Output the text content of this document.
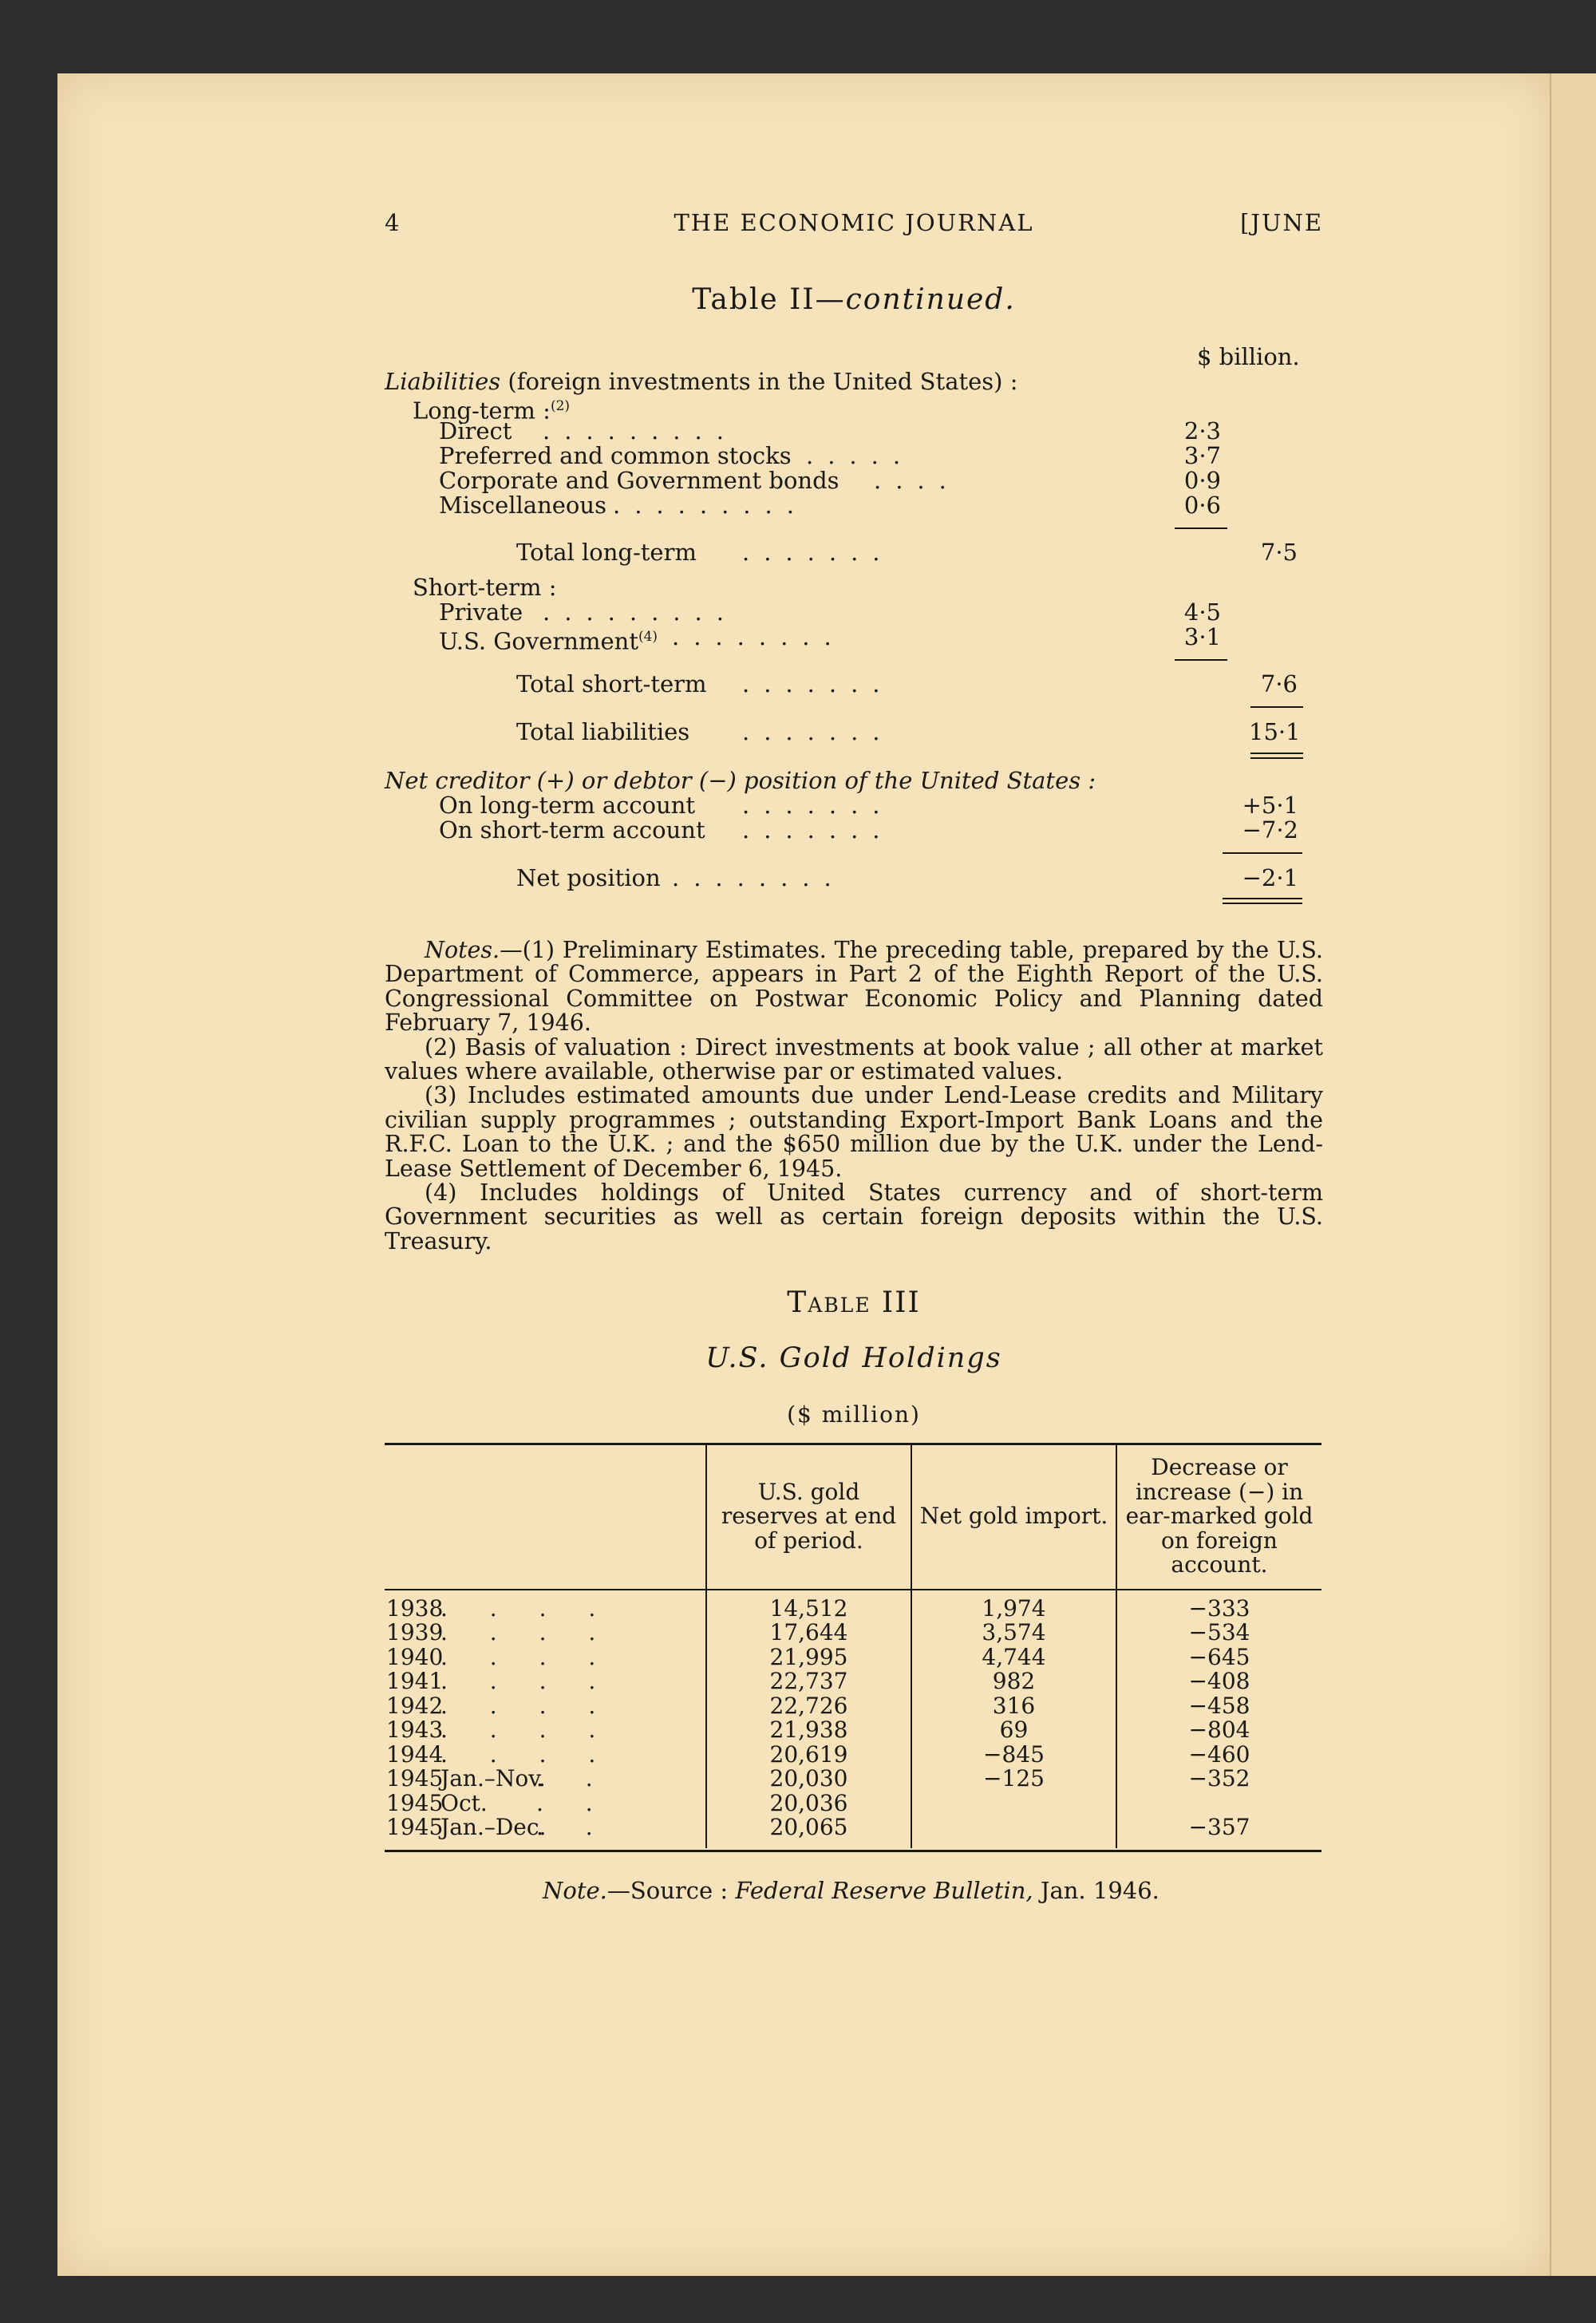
4	THE ECONOMIC JOURNAL	[JUNE
Table II—continued.
$ billion.
Liabilities (foreign investments in the United States) :
Long-term :$^{(2)}$
Direct .........	2·3
Preferred and common stocks .....	3·7
Corporate and Government bonds ....	0·9
Miscellaneous .........	0·6
Total long-term .......	7·5
Short-term :
Private .........	4·5
U.S. Government$^{(4)}$ ........	3·1
Total short-term .......	7·6
Total liabilities .......	15·1
Net creditor (+) or debtor (−) position of the United States :
On long-term account .......	+5·1
On short-term account .......	−7·2
Net position ........	−2·1

Notes.—(1) Preliminary Estimates. The preceding table, prepared by the U.S. Department of Commerce, appears in Part 2 of the Eighth Report of the U.S. Congressional Committee on Postwar Economic Policy and Planning dated February 7, 1946.

(2) Basis of valuation : Direct investments at book value ; all other at market values where available, otherwise par or estimated values.

(3) Includes estimated amounts due under Lend-Lease credits and Military civilian supply programmes ; outstanding Export-Import Bank Loans and the R.F.C. Loan to the U.K. ; and the $650 million due by the U.K. under the Lend-Lease Settlement of December 6, 1945.

(4) Includes holdings of United States currency and of short-term Government securities as well as certain foreign deposits within the U.S. Treasury.

Table III
U.S. Gold Holdings
($ million)
	U.S. gold reserves at end of period.	Net gold import.	Decrease or increase (−) in ear-marked gold on foreign account.
1938. . . .	14,512	1,974	−333
1939. . . .	17,644	3,574	−534
1940. . . .	21,995	4,744	−645
1941. . . .	22,737	982	−408
1942. . . .	22,726	316	−458
1943. . . .	21,938	69	−804
1944. . . .	20,619	−845	−460
1945Jan.–Nov.. .	20,030	−125	−352
1945Oct. . .	20,036		
1945Jan.–Dec.. .	20,065		−357
Note.—Source : Federal Reserve Bulletin, Jan. 1946.
